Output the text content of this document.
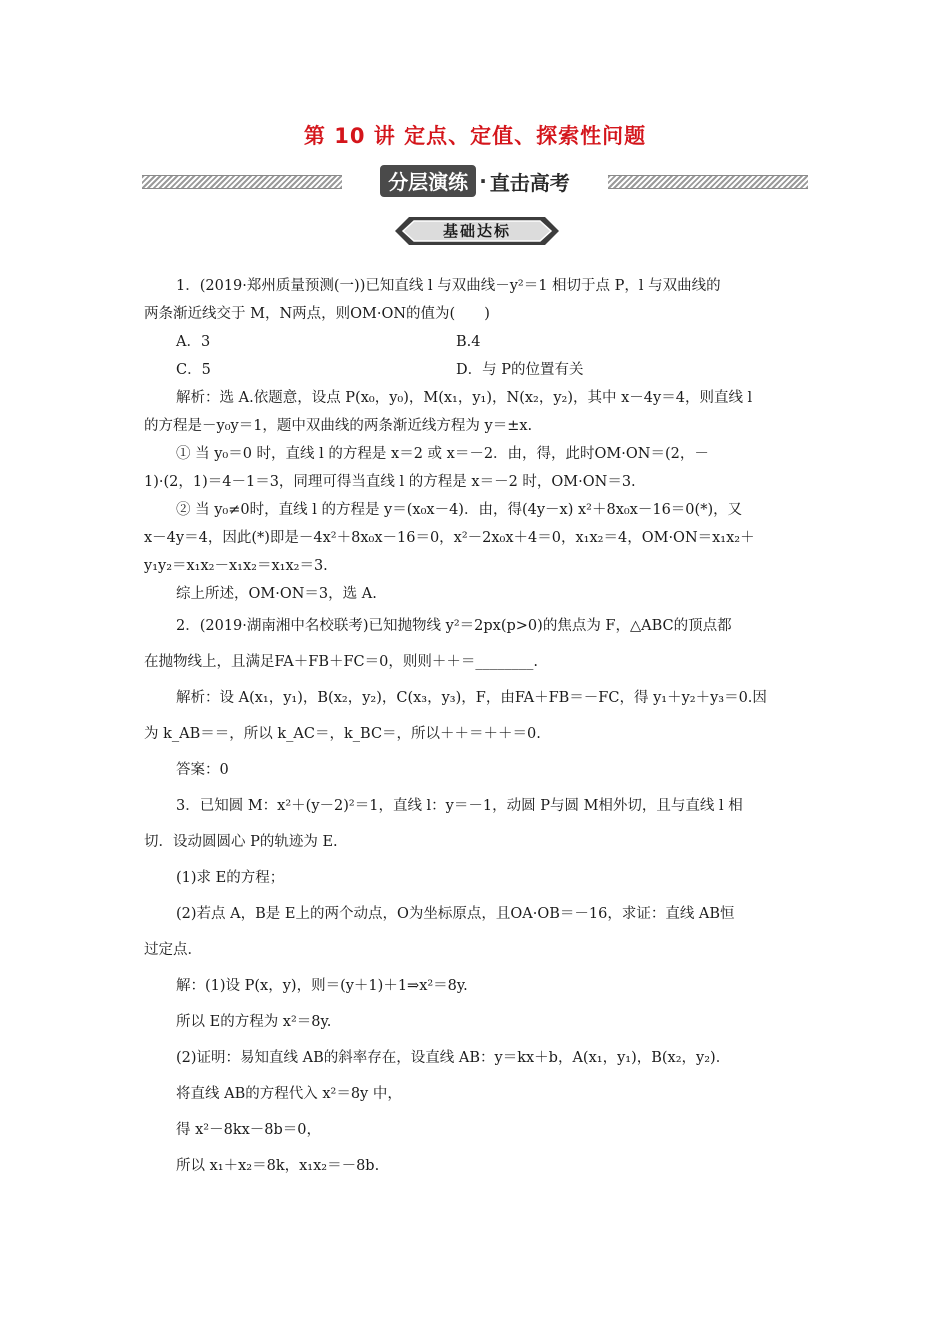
第 10 讲 定点、定值、探索性问题
分层演练 · 直击高考
基础达标
1．(2019·郑州质量预测(一))已知直线 l 与双曲线－y²＝1 相切于点 P，l 与双曲线的
两条渐近线交于 M，N两点，则OM·ON的值为(　　)
A．3	B.4
C．5	D．与 P的位置有关
解析：选 A.依题意，设点 P(x₀，y₀)，M(x₁，y₁)，N(x₂，y₂)，其中 x－4y＝4，则直线 l
的方程是－y₀y＝1，题中双曲线的两条渐近线方程为 y＝±x.
① 当 y₀＝0 时，直线 l 的方程是 x＝2 或 x＝－2．由，得，此时OM·ON＝(2，－
1)·(2，1)＝4－1＝3，同理可得当直线 l 的方程是 x＝－2 时，OM·ON＝3.
② 当 y₀≠0时，直线 l 的方程是 y＝(x₀x－4)．由，得(4y－x) x²＋8x₀x－16＝0(*)，又
x－4y＝4，因此(*)即是－4x²＋8x₀x－16＝0，x²－2x₀x＋4＝0，x₁x₂＝4，OM·ON＝x₁x₂＋
y₁y₂＝x₁x₂－x₁x₂＝x₁x₂＝3.
综上所述，OM·ON＝3，选 A.
2．(2019·湖南湘中名校联考)已知抛物线 y²＝2px(p>0)的焦点为 F，△ABC的顶点都
在抛物线上，且满足FA＋FB＋FC＝0，则则＋＋＝________.
解析：设 A(x₁，y₁)，B(x₂，y₂)，C(x₃，y₃)，F，由FA＋FB＝－FC，得 y₁＋y₂＋y₃＝0.因
为 k_AB＝＝，所以 k_AC＝，k_BC＝，所以＋＋＝＋＋＝0.
答案：0
3．已知圆 M：x²＋(y－2)²＝1，直线 l：y＝－1，动圆 P与圆 M相外切，且与直线 l 相
切．设动圆圆心 P的轨迹为 E.
(1)求 E的方程；
(2)若点 A，B是 E上的两个动点，O为坐标原点，且OA·OB＝－16，求证：直线 AB恒
过定点．
解：(1)设 P(x，y)，则＝(y＋1)＋1⇒x²＝8y.
所以 E的方程为 x²＝8y.
(2)证明：易知直线 AB的斜率存在，设直线 AB：y＝kx＋b，A(x₁，y₁)，B(x₂，y₂)．
将直线 AB的方程代入 x²＝8y 中，
得 x²－8kx－8b＝0，
所以 x₁＋x₂＝8k，x₁x₂＝－8b.
